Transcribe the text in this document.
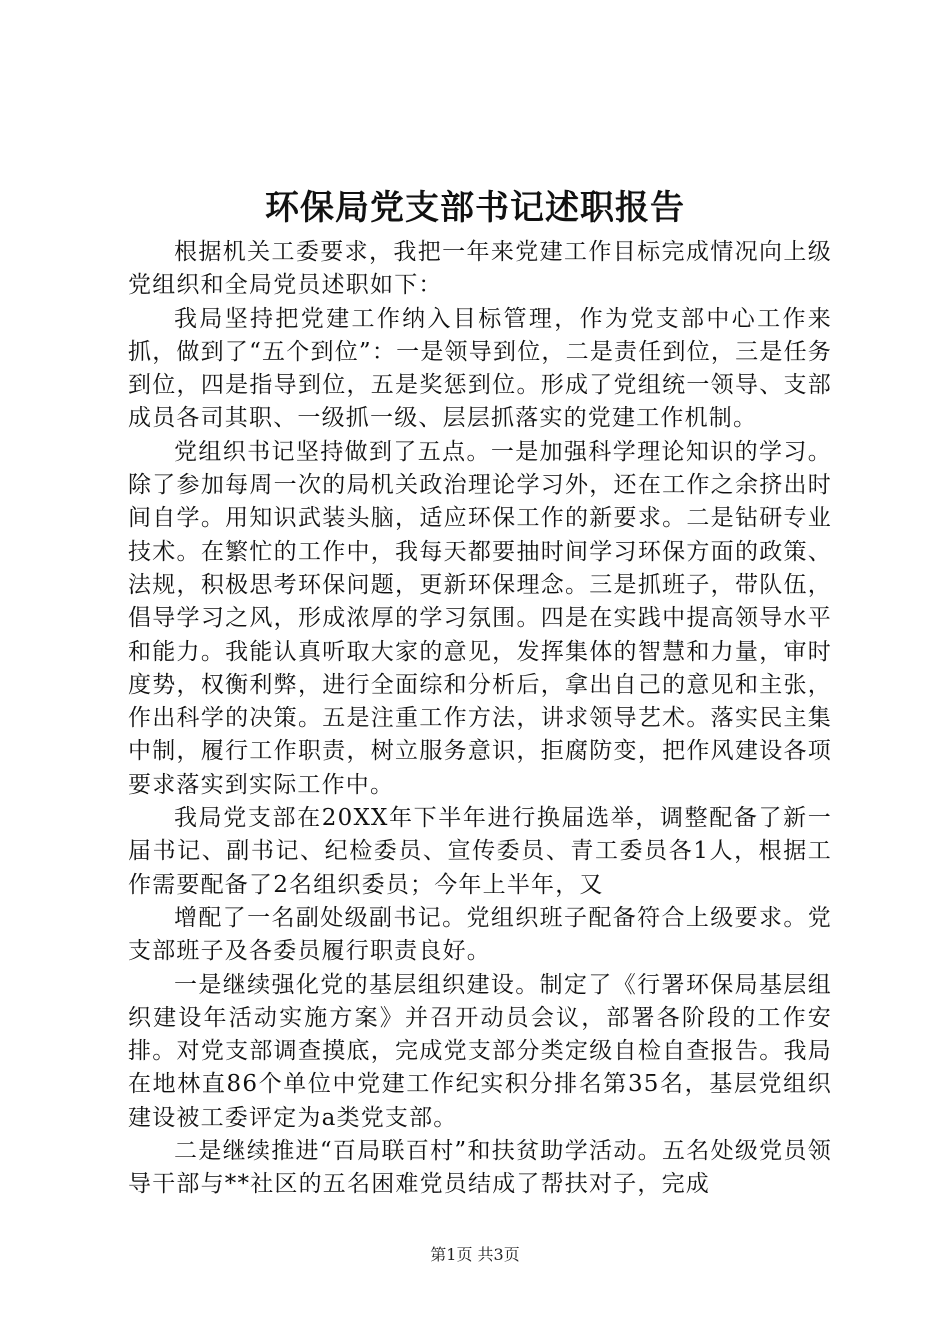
环保局党支部书记述职报告

根据机关工委要求，我把一年来党建工作目标完成情况向上级党组织和全局党员述职如下：

我局坚持把党建工作纳入目标管理，作为党支部中心工作来抓，做到了“五个到位”：一是领导到位，二是责任到位，三是任务到位，四是指导到位，五是奖惩到位。形成了党组统一领导、支部成员各司其职、一级抓一级、层层抓落实的党建工作机制。

党组织书记坚持做到了五点。一是加强科学理论知识的学习。除了参加每周一次的局机关政治理论学习外，还在工作之余挤出时间自学。用知识武装头脑，适应环保工作的新要求。二是钻研专业技术。在繁忙的工作中，我每天都要抽时间学习环保方面的政策、法规，积极思考环保问题，更新环保理念。三是抓班子，带队伍，倡导学习之风，形成浓厚的学习氛围。四是在实践中提高领导水平和能力。我能认真听取大家的意见，发挥集体的智慧和力量，审时度势，权衡利弊，进行全面综和分析后，拿出自己的意见和主张，作出科学的决策。五是注重工作方法，讲求领导艺术。落实民主集中制，履行工作职责，树立服务意识，拒腐防变，把作风建设各项要求落实到实际工作中。

我局党支部在20XX年下半年进行换届选举，调整配备了新一届书记、副书记、纪检委员、宣传委员、青工委员各1人，根据工作需要配备了2名组织委员；今年上半年，又

增配了一名副处级副书记。党组织班子配备符合上级要求。党支部班子及各委员履行职责良好。

一是继续强化党的基层组织建设。制定了《行署环保局基层组织建设年活动实施方案》并召开动员会议，部署各阶段的工作安排。对党支部调查摸底，完成党支部分类定级自检自查报告。我局在地林直86个单位中党建工作纪实积分排名第35名，基层党组织建设被工委评定为a类党支部。

二是继续推进“百局联百村”和扶贫助学活动。五名处级党员领导干部与**社区的五名困难党员结成了帮扶对子，完成

第1页 共3页
